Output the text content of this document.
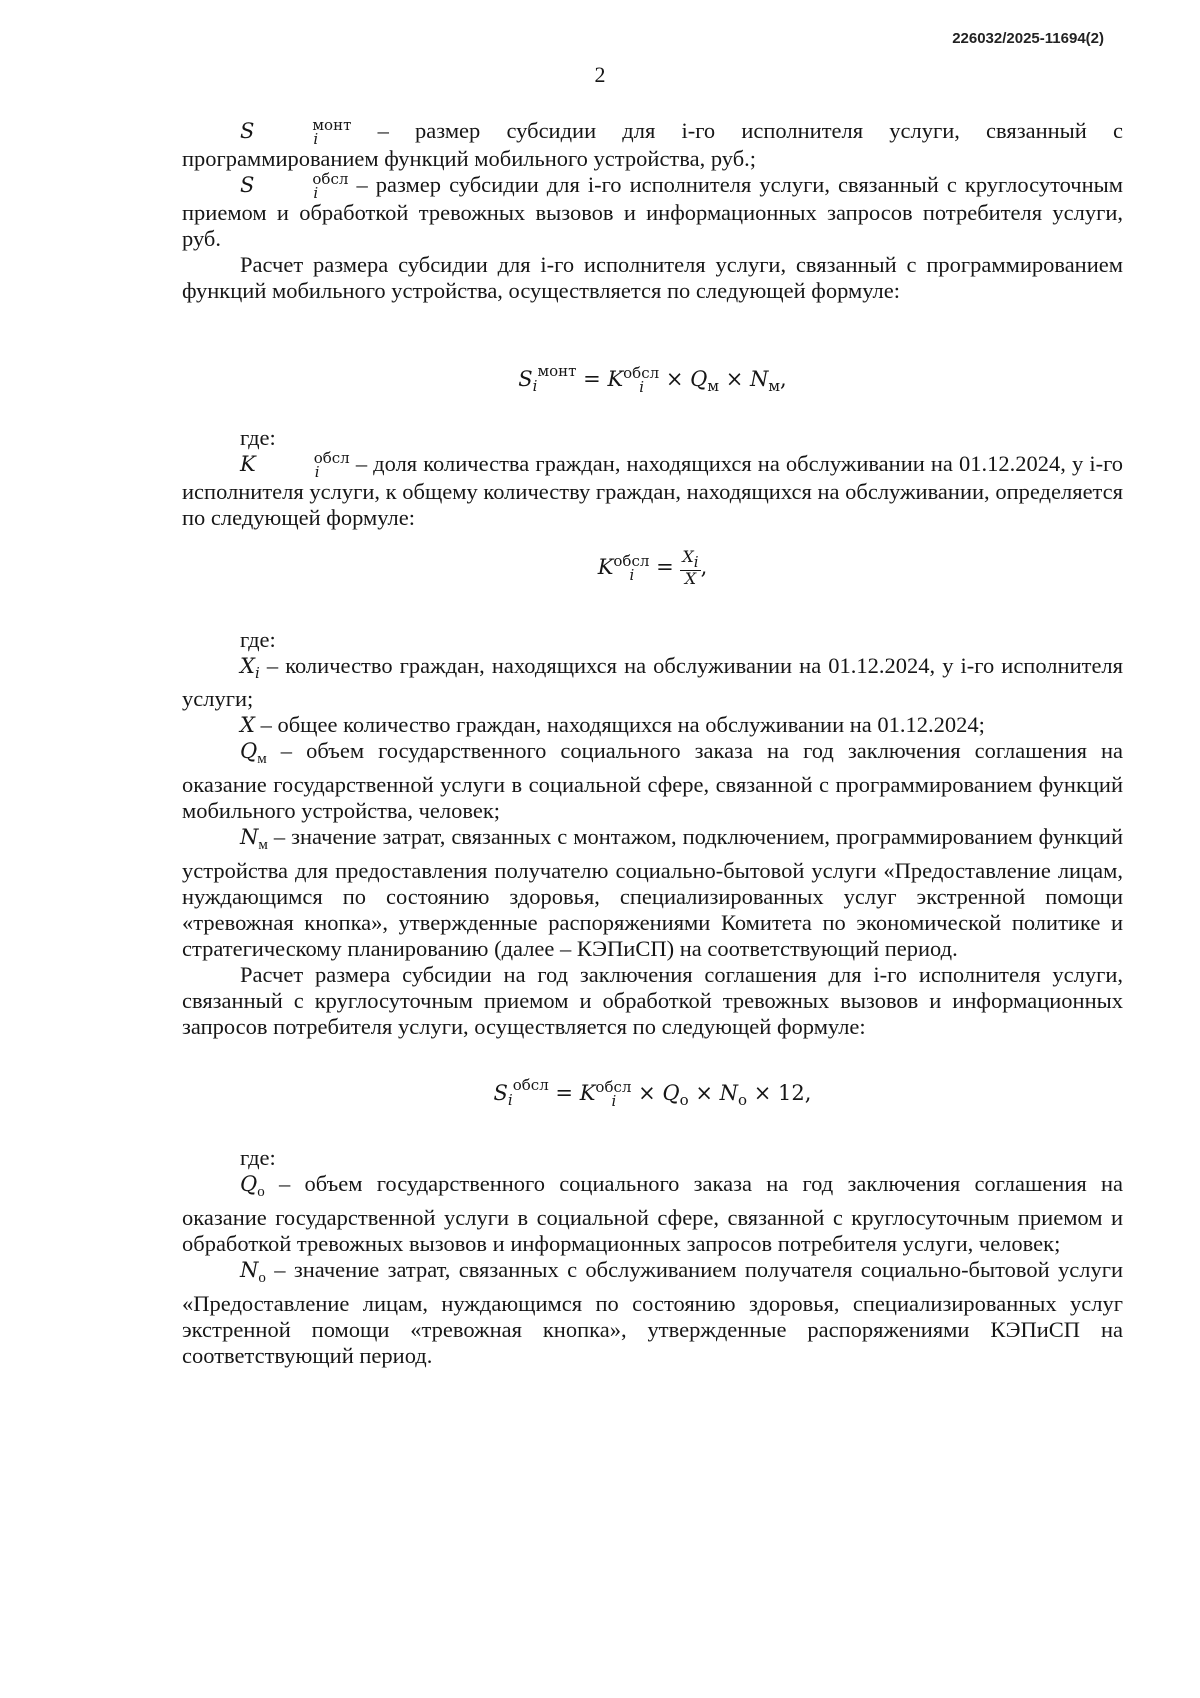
226032/2025-11694(2)
2

S	монт
i	– размер субсидии для i-го исполнителя услуги, связанный с программированием функций мобильного устройства, руб.;

S	обсл
i	– размер субсидии для i-го исполнителя услуги, связанный с круглосуточным приемом и обработкой тревожных вызовов и информационных запросов потребителя услуги, руб.

Расчет размера субсидии для i-го исполнителя услуги, связанный с программированием функций мобильного устройства, осуществляется по следующей формуле:

$S_i^{монт} = K$ обсл
i	× $Q_м \times N_м$,

где:

K	обсл
i	– доля количества граждан, находящихся на обслуживании на 01.12.2024, у i-го исполнителя услуги, к общему количеству граждан, находящихся на обслуживании, определяется по следующей формуле:

K обсл
i	= $\frac{Xi}{X}$ ,

где:

$X_i$ – количество граждан, находящихся на обслуживании на 01.12.2024, у i-го исполнителя услуги;

X – общее количество граждан, находящихся на обслуживании на 01.12.2024;

$Q_м$ – объем государственного социального заказа на год заключения соглашения на оказание государственной услуги в социальной сфере, связанной с программированием функций мобильного устройства, человек;

$N_м$ – значение затрат, связанных с монтажом, подключением, программированием функций устройства для предоставления получателю социально-бытовой услуги «Предоставление лицам, нуждающимся по состоянию здоровья, специализированных услуг экстренной помощи «тревожная кнопка», утвержденные распоряжениями Комитета по экономической политике и стратегическому планированию (далее – КЭПиСП) на соответствующий период.

Расчет размера субсидии на год заключения соглашения для i-го исполнителя услуги, связанный с круглосуточным приемом и обработкой тревожных вызовов и информационных запросов потребителя услуги, осуществляется по следующей формуле:

$S_i^{обсл} = K$ обсл
i	× $Q_о \times N_о \times 12$,

где:

$Q_о$ – объем государственного социального заказа на год заключения соглашения на оказание государственной услуги в социальной сфере, связанной с круглосуточным приемом и обработкой тревожных вызовов и информационных запросов потребителя услуги, человек;

$N_о$ – значение затрат, связанных с обслуживанием получателя социально-бытовой услуги «Предоставление лицам, нуждающимся по состоянию здоровья, специализированных услуг экстренной помощи «тревожная кнопка», утвержденные распоряжениями КЭПиСП на соответствующий период.
